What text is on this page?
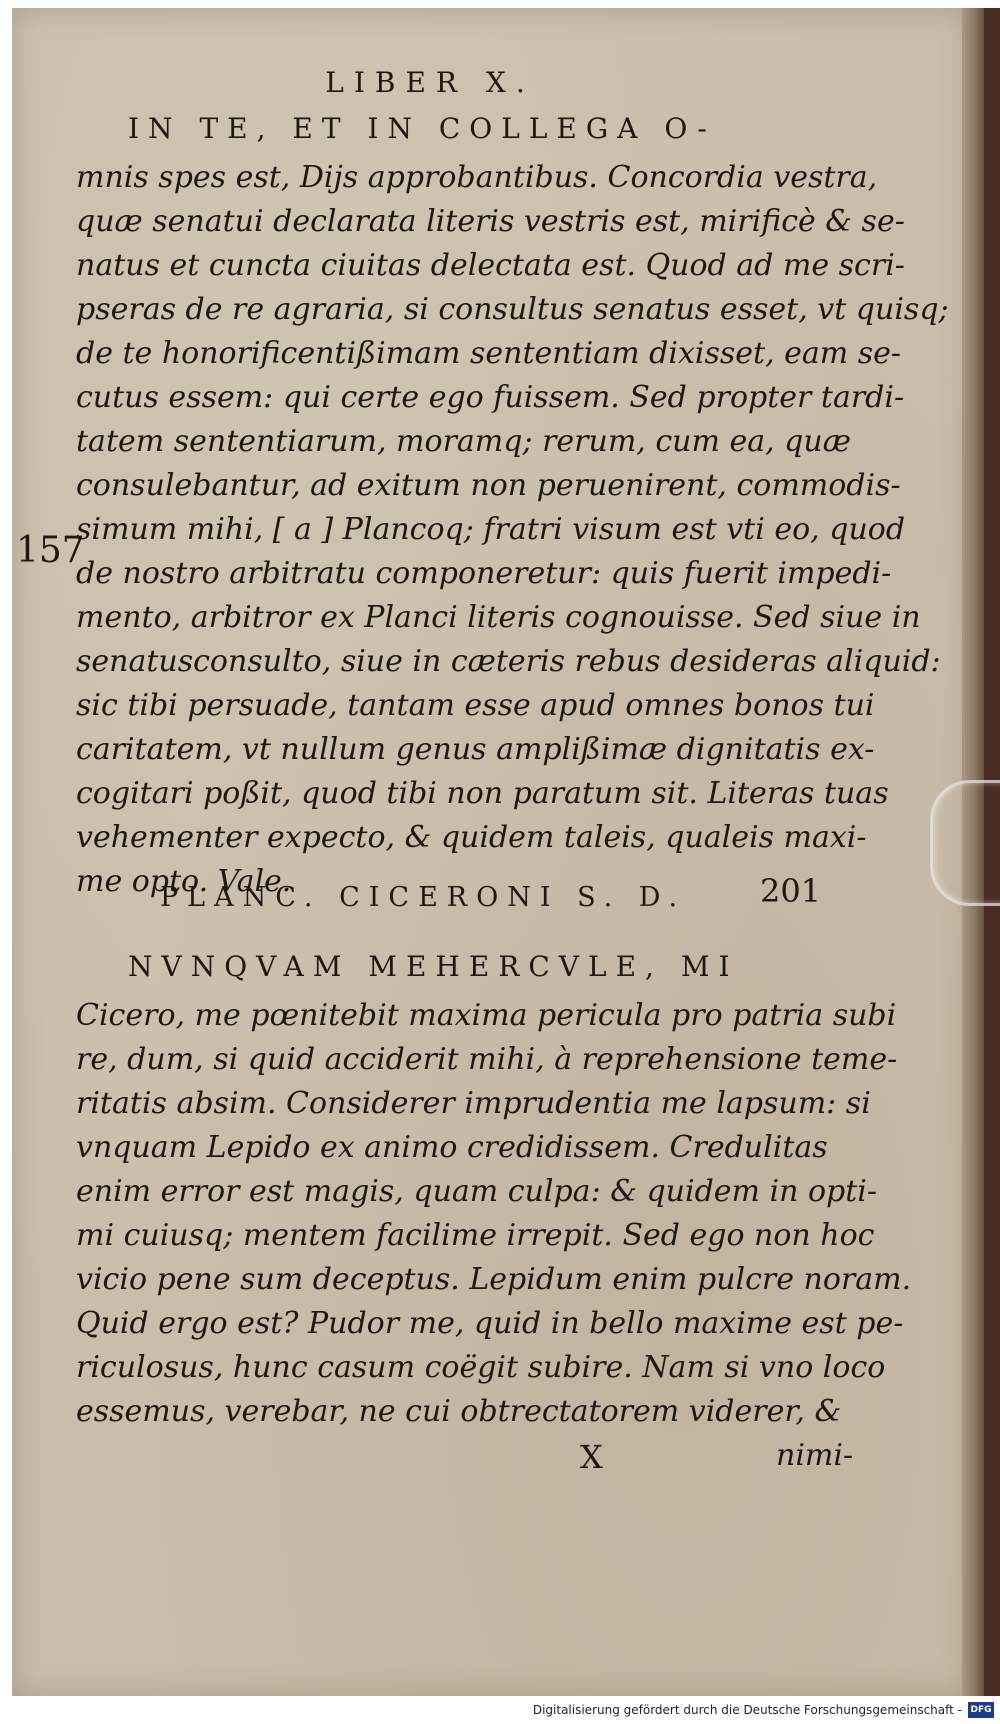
LIBER X.
157
IN TE, ET IN COLLEGA O-
mnis spes est, Dijs approbantibus. Concordia vestra,
quæ senatui declarata literis vestris est, mirificè & se-
natus et cuncta ciuitas delectata est. Quod ad me scri-
pseras de re agraria, si consultus senatus esset, vt quisq;
de te honorificentißimam sententiam dixisset, eam se-
cutus essem: qui certe ego fuissem. Sed propter tardi-
tatem sententiarum, moramq; rerum, cum ea, quæ
consulebantur, ad exitum non peruenirent, commodis-
simum mihi, [ a ] Plancoq; fratri visum est vti eo, quod
de nostro arbitratu componeretur: quis fuerit impedi-
mento, arbitror ex Planci literis cognouisse. Sed siue in
senatusconsulto, siue in cæteris rebus desideras aliquid:
sic tibi persuade, tantam esse apud omnes bonos tui
caritatem, vt nullum genus amplißimæ dignitatis ex-
cogitari poßit, quod tibi non paratum sit. Literas tuas
vehementer expecto, & quidem taleis, qualeis maxi-
me opto. Vale.
PLANC. CICERONI S. D.	201
NVNQVAM MEHERCVLE, MI
Cicero, me pœnitebit maxima pericula pro patria subi
re, dum, si quid acciderit mihi, à reprehensione teme-
ritatis absim. Considerer imprudentia me lapsum: si
vnquam Lepido ex animo credidissem. Credulitas
enim error est magis, quam culpa: & quidem in opti-
mi cuiusq; mentem facilime irrepit. Sed ego non hoc
vicio pene sum deceptus. Lepidum enim pulcre noram.
Quid ergo est? Pudor me, quid in bello maxime est pe-
riculosus, hunc casum coëgit subire. Nam si vno loco
essemus, verebar, ne cui obtrectatorem viderer, &
X	nimi-
Digitalisierung gefördert durch die Deutsche Forschungsgemeinschaft - DFG
